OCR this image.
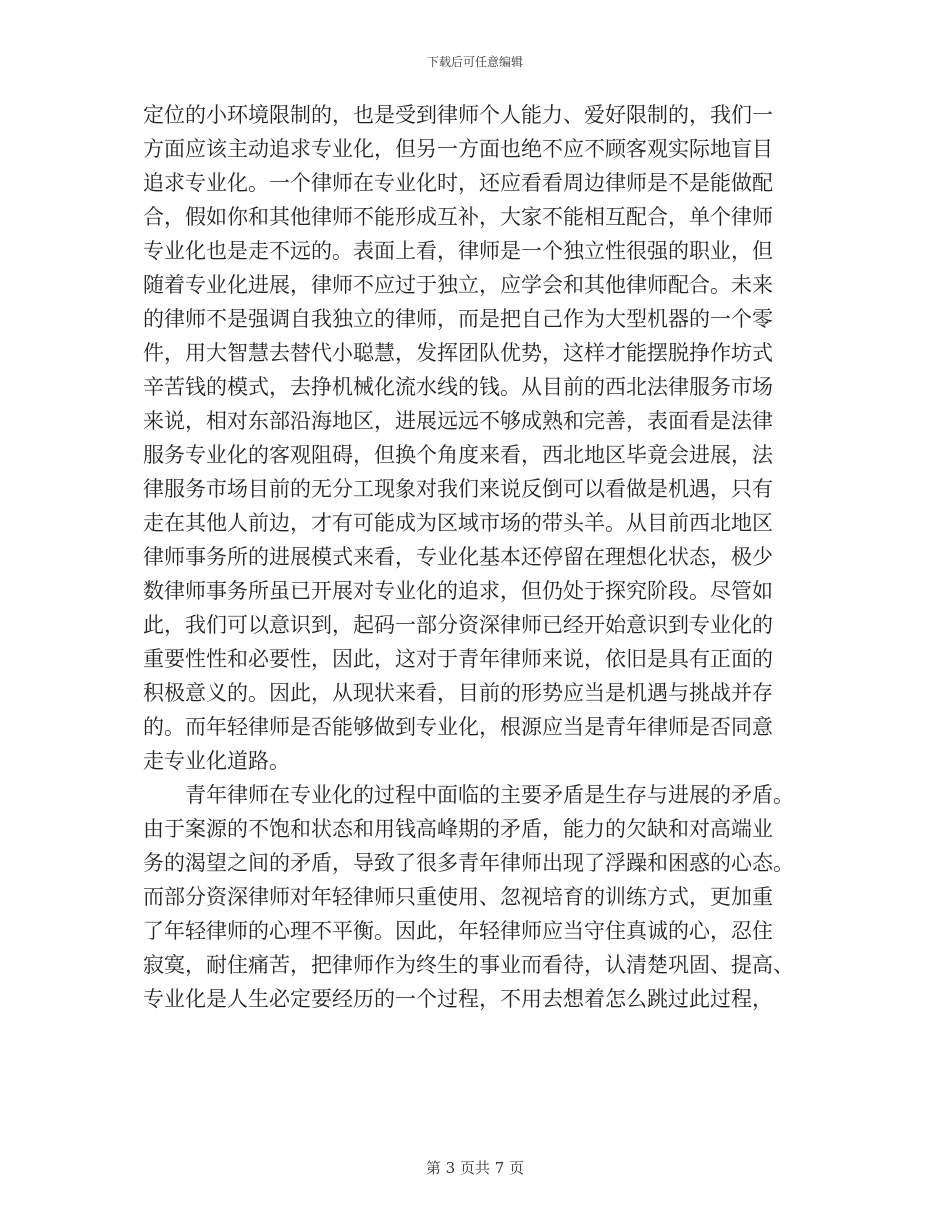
下载后可任意编辑
定位的小环境限制的，也是受到律师个人能力、爱好限制的，我们一
方面应该主动追求专业化，但另一方面也绝不应不顾客观实际地盲目
追求专业化。一个律师在专业化时，还应看看周边律师是不是能做配
合，假如你和其他律师不能形成互补，大家不能相互配合，单个律师
专业化也是走不远的。表面上看，律师是一个独立性很强的职业，但
随着专业化进展，律师不应过于独立，应学会和其他律师配合。未来
的律师不是强调自我独立的律师，而是把自己作为大型机器的一个零
件，用大智慧去替代小聪慧，发挥团队优势，这样才能摆脱挣作坊式
辛苦钱的模式，去挣机械化流水线的钱。从目前的西北法律服务市场
来说，相对东部沿海地区，进展远远不够成熟和完善，表面看是法律
服务专业化的客观阻碍，但换个角度来看，西北地区毕竟会进展，法
律服务市场目前的无分工现象对我们来说反倒可以看做是机遇，只有
走在其他人前边，才有可能成为区域市场的带头羊。从目前西北地区
律师事务所的进展模式来看，专业化基本还停留在理想化状态，极少
数律师事务所虽已开展对专业化的追求，但仍处于探究阶段。尽管如
此，我们可以意识到，起码一部分资深律师已经开始意识到专业化的
重要性性和必要性，因此，这对于青年律师来说，依旧是具有正面的
积极意义的。因此，从现状来看，目前的形势应当是机遇与挑战并存
的。而年轻律师是否能够做到专业化，根源应当是青年律师是否同意
走专业化道路。
　　青年律师在专业化的过程中面临的主要矛盾是生存与进展的矛盾。
由于案源的不饱和状态和用钱高峰期的矛盾，能力的欠缺和对高端业
务的渴望之间的矛盾，导致了很多青年律师出现了浮躁和困惑的心态。
而部分资深律师对年轻律师只重使用、忽视培育的训练方式，更加重
了年轻律师的心理不平衡。因此，年轻律师应当守住真诚的心，忍住
寂寞，耐住痛苦，把律师作为终生的事业而看待，认清楚巩固、提高、
专业化是人生必定要经历的一个过程，不用去想着怎么跳过此过程，
第 3 页共 7 页
